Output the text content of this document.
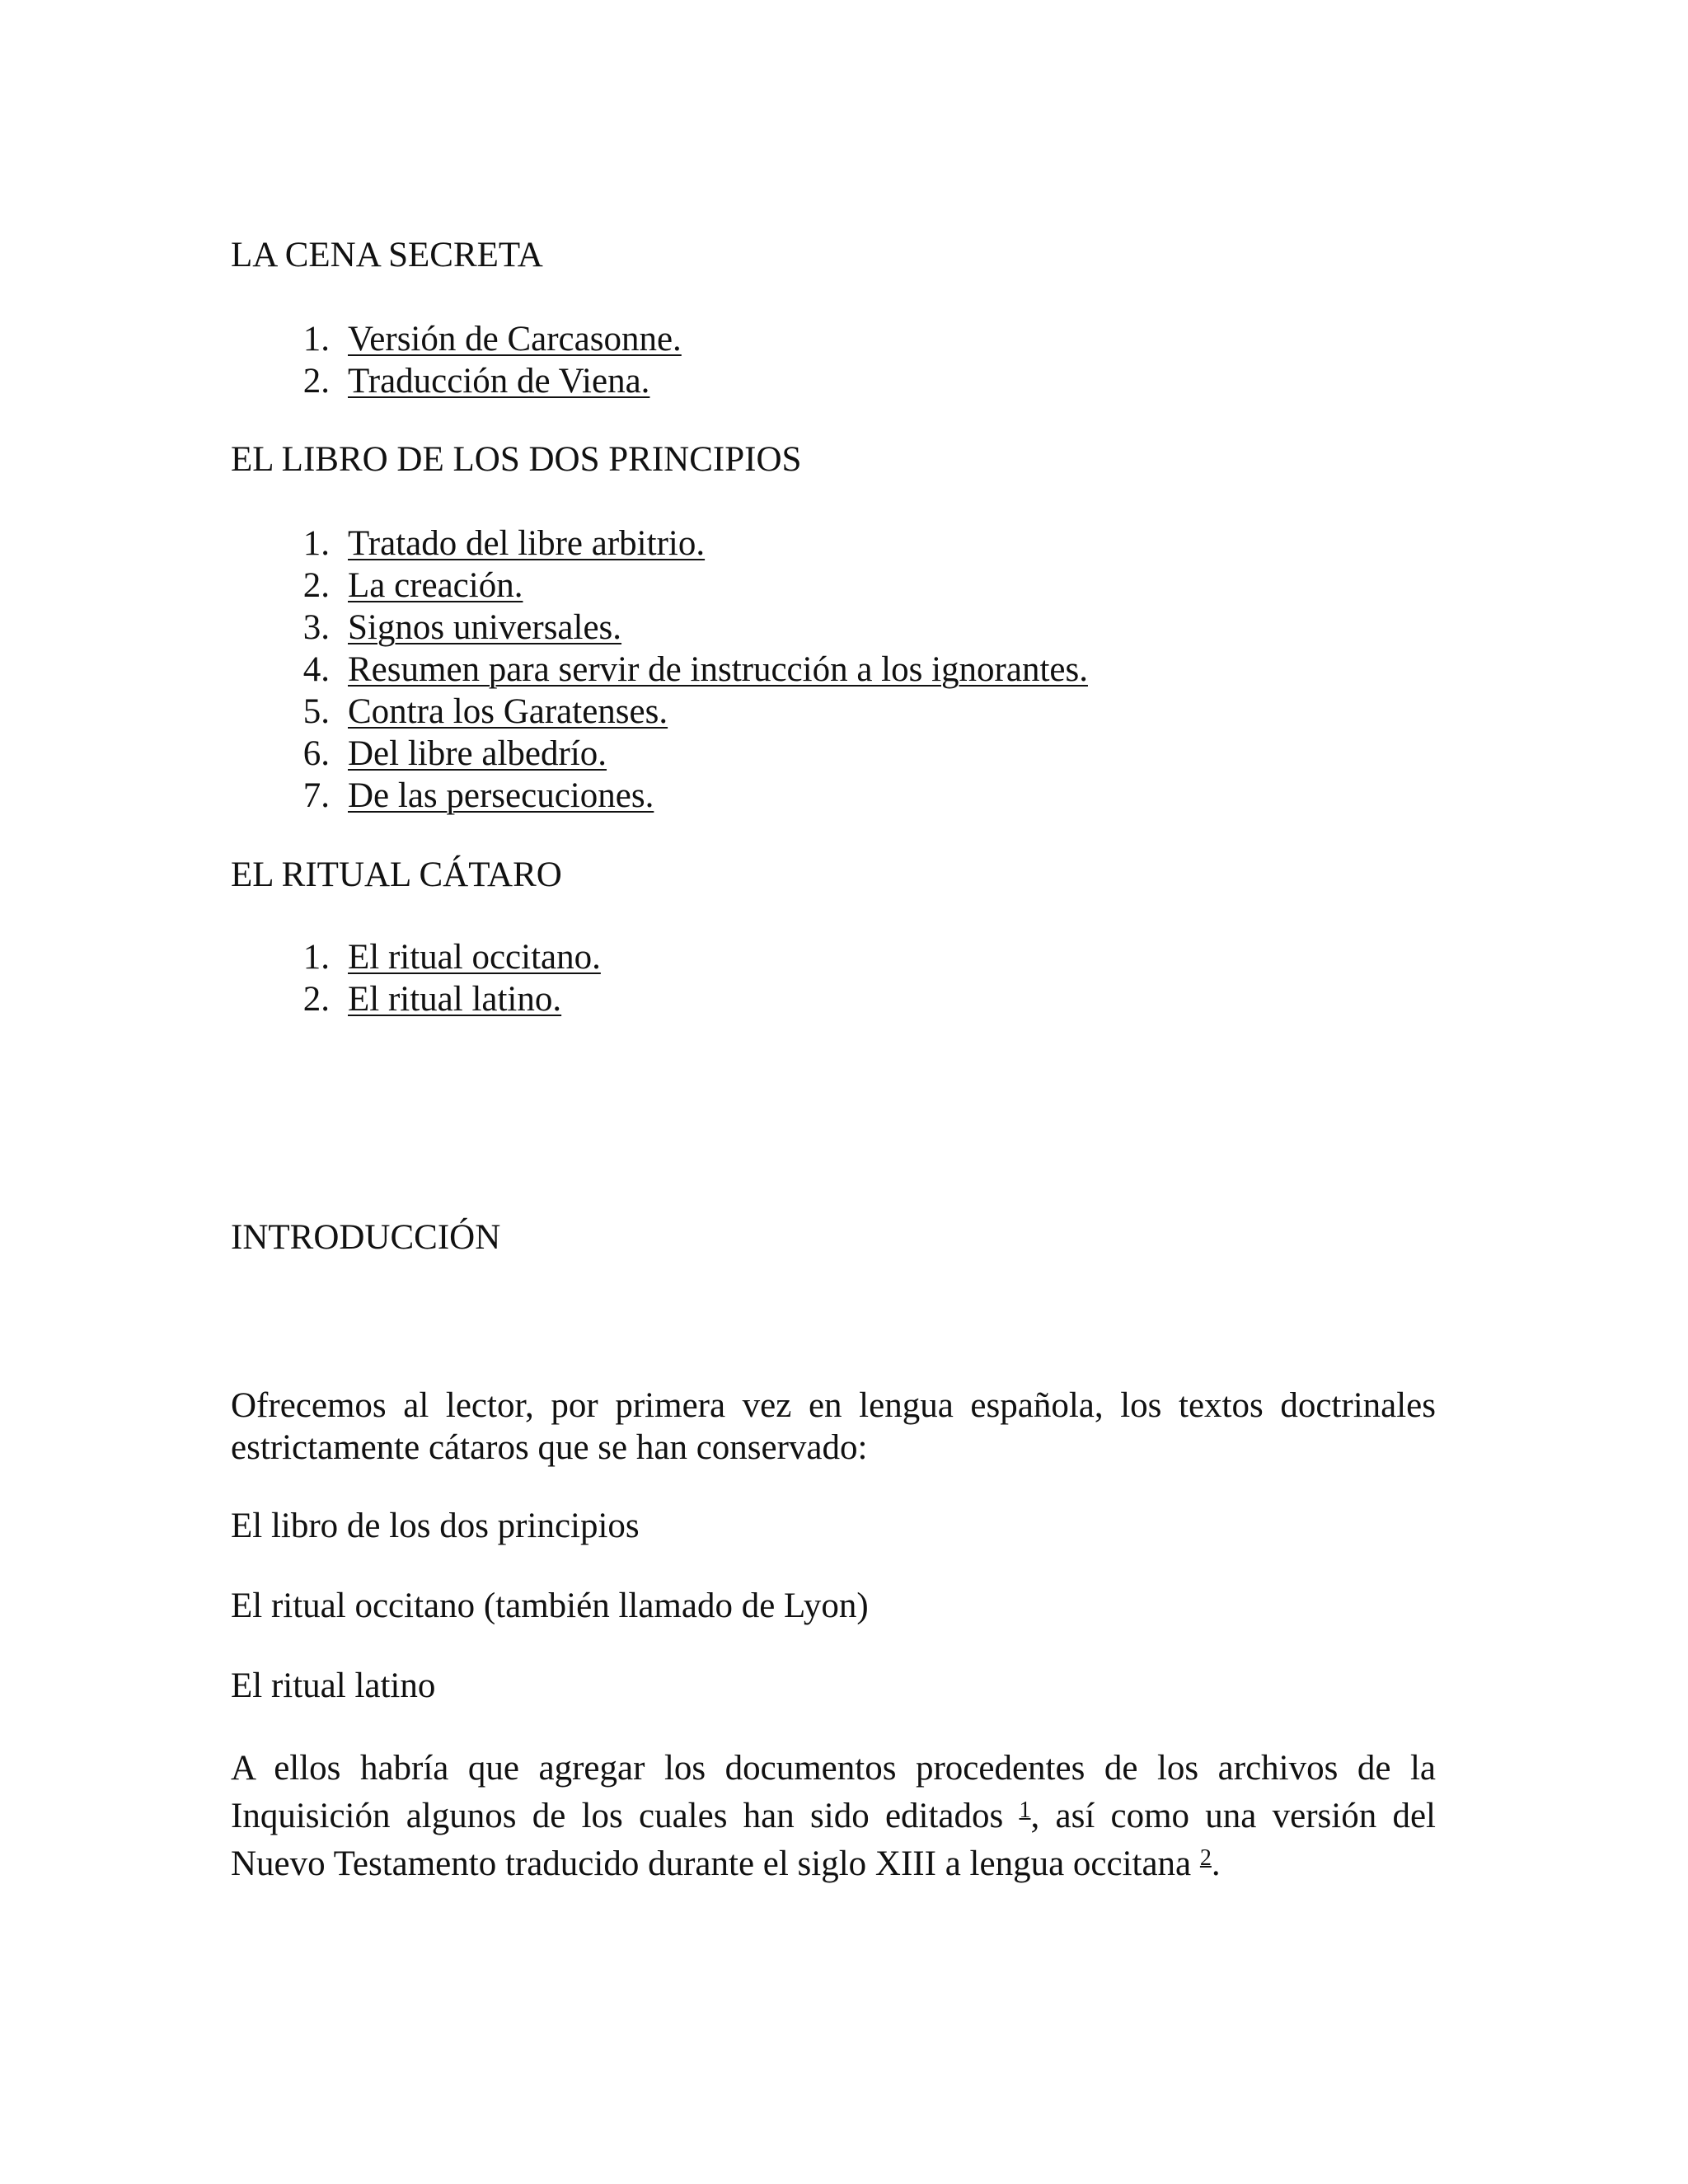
LA CENA SECRETA
1. Versión de Carcasonne.
2. Traducción de Viena.
EL LIBRO DE LOS DOS PRINCIPIOS
1. Tratado del libre arbitrio.
2. La creación.
3. Signos universales.
4. Resumen para servir de instrucción a los ignorantes.
5. Contra los Garatenses.
6. Del libre albedrío.
7. De las persecuciones.
EL RITUAL CÁTARO
1. El ritual occitano.
2. El ritual latino.
INTRODUCCIÓN

Ofrecemos al lector, por primera vez en lengua española, los textos doctrinales estrictamente cátaros que se han conservado:

El libro de los dos principios

El ritual occitano (también llamado de Lyon)

El ritual latino

A ellos habría que agregar los documentos procedentes de los archivos de la Inquisición algunos de los cuales han sido editados $^1$, así como una versión del Nuevo Testamento traducido durante el siglo XIII a lengua occitana $^2$.
